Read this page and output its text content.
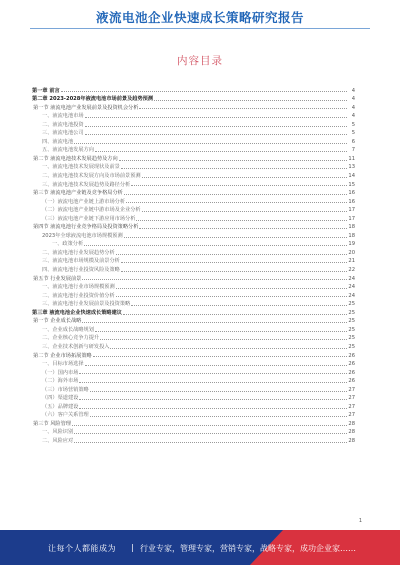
液流电池企业快速成长策略研究报告
内容目录
第一章 前言	4
第二章 2023-2028年液流电池市场前景及趋势预测	4
第一节 液流电池产业发展前景及投资机会分析	4
一、液流电池市场	4
二、液流电池投资	5
三、液流电池公司	5
四、液流电池	6
五、液流电池发展方向	7
第二节 液流电池技术发展趋势及方向	11
一、液流电池技术发展现状及前景	13
二、液流电池技术发展方向及市场前景预测	14
三、液流电池技术发展趋势及路径分析	15
第三节 液流电池产业链及竞争格局分析	16
（一）液流电池产业链上游市场分析	16
（二）液流电池产业链中游市场及企业分析	17
（三）液流电池产业链下游应用市场分析	17
第四节 液流电池行业竞争格局及投资策略分析	18
2023年全球液流电池市场规模预测	18
一、政策分析	19
二、液流电池行业发展趋势分析	20
三、液流电池市场规模及前景分析	21
四、液流电池行业投资风险及策略	22
第五节 行业发展前景	24
一、液流电池行业市场规模预测	24
二、液流电池行业投资价值分析	24
三、液流电池行业发展前景及投资策略	25
第三章 液流电池企业快速成长策略建议	25
第一节 企业成长战略	25
一、企业成长战略规划	25
二、企业核心竞争力提升	25
三、企业技术创新与研发投入	25
第二节 企业市场拓展策略	26
一、目标市场选择	26
（一）国内市场	26
（二）海外市场	26
（三）市场营销策略	27
（四）渠道建设	27
（五）品牌建设	27
（六）客户关系管理	27
第三节 风险管理	28
一、风险识别	28
二、风险应对	28
1
让每个人都能成为 | 行业专家，管理专家，营销专家，战略专家，成功企业家……
